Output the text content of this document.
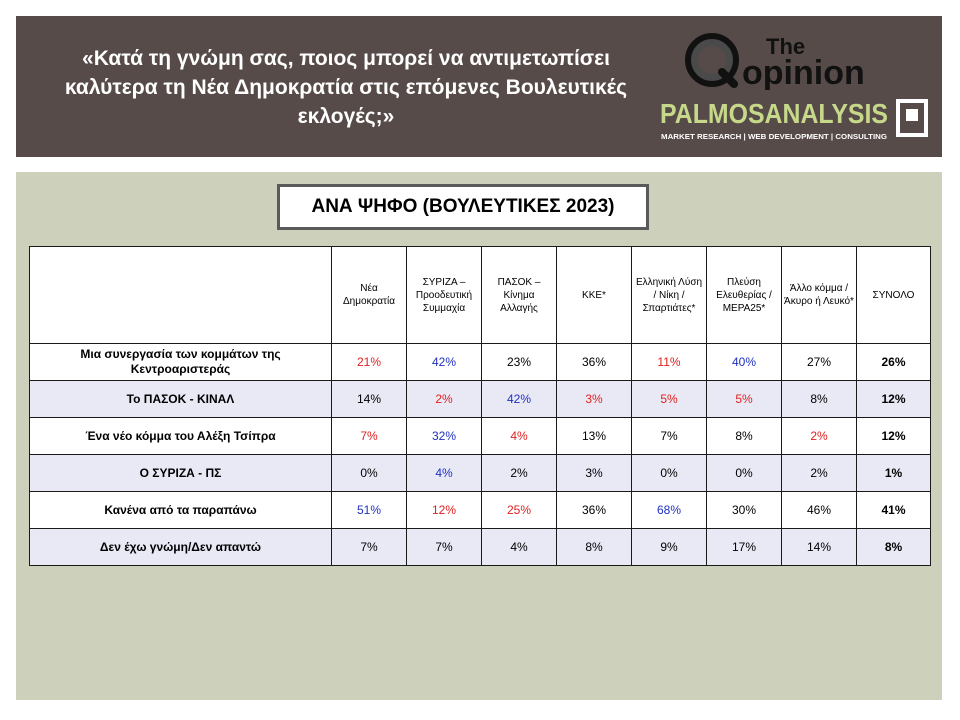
«Κατά τη γνώμη σας, ποιος μπορεί να αντιμετωπίσει καλύτερα τη Νέα Δημοκρατία στις επόμενες Βουλευτικές εκλογές;»
The
opinion
PALMOSANALYSIS
MARKET RESEARCH | WEB DEVELOPMENT | CONSULTING
ΑΝΑ ΨΗΦΟ (ΒΟΥΛΕΥΤΙΚΕΣ 2023)
	Νέα Δημοκρατία	ΣΥΡΙΖΑ – Προοδευτική Συμμαχία	ΠΑΣΟΚ – Κίνημα Αλλαγής	ΚΚΕ*	Ελληνική Λύση / Νίκη / Σπαρτιάτες*	Πλεύση Ελευθερίας / ΜΕΡΑ25*	Άλλο κόμμα / Άκυρο ή Λευκό*	ΣΥΝΟΛΟ
Μια συνεργασία των κομμάτων της Κεντροαριστεράς	21%	42%	23%	36%	11%	40%	27%	26%
Το ΠΑΣΟΚ - ΚΙΝΑΛ	14%	2%	42%	3%	5%	5%	8%	12%
Ένα νέο κόμμα του Αλέξη Τσίπρα	7%	32%	4%	13%	7%	8%	2%	12%
Ο ΣΥΡΙΖΑ - ΠΣ	0%	4%	2%	3%	0%	0%	2%	1%
Κανένα από τα παραπάνω	51%	12%	25%	36%	68%	30%	46%	41%
Δεν έχω γνώμη/Δεν απαντώ	7%	7%	4%	8%	9%	17%	14%	8%
